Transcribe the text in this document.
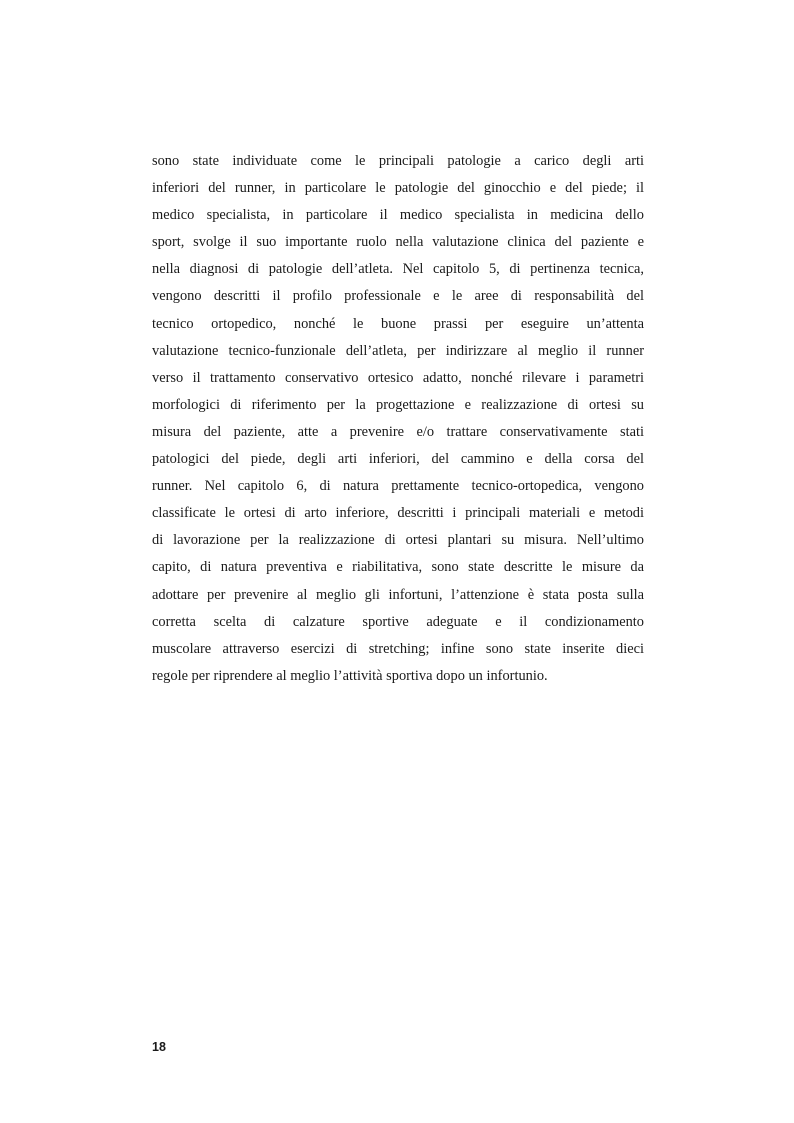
sono state individuate come le principali patologie a carico degli arti
inferiori del runner, in particolare le patologie del ginocchio e del piede; il
medico specialista, in particolare il medico specialista in medicina dello
sport, svolge il suo importante ruolo nella valutazione clinica del paziente e
nella diagnosi di patologie dell’atleta. Nel capitolo 5, di pertinenza tecnica,
vengono descritti il profilo professionale e le aree di responsabilità del
tecnico ortopedico, nonché le buone prassi per eseguire un’attenta
valutazione tecnico-funzionale dell’atleta, per indirizzare al meglio il runner
verso il trattamento conservativo ortesico adatto, nonché rilevare i parametri
morfologici di riferimento per la progettazione e realizzazione di ortesi su
misura del paziente, atte a prevenire e/o trattare conservativamente stati
patologici del piede, degli arti inferiori, del cammino e della corsa del
runner. Nel capitolo 6, di natura prettamente tecnico-ortopedica, vengono
classificate le ortesi di arto inferiore, descritti i principali materiali e metodi
di lavorazione per la realizzazione di ortesi plantari su misura. Nell’ultimo
capito, di natura preventiva e riabilitativa, sono state descritte le misure da
adottare per prevenire al meglio gli infortuni, l’attenzione è stata posta sulla
corretta scelta di calzature sportive adeguate e il condizionamento
muscolare attraverso esercizi di stretching; infine sono state inserite dieci
regole per riprendere al meglio l’attività sportiva dopo un infortunio.
18
